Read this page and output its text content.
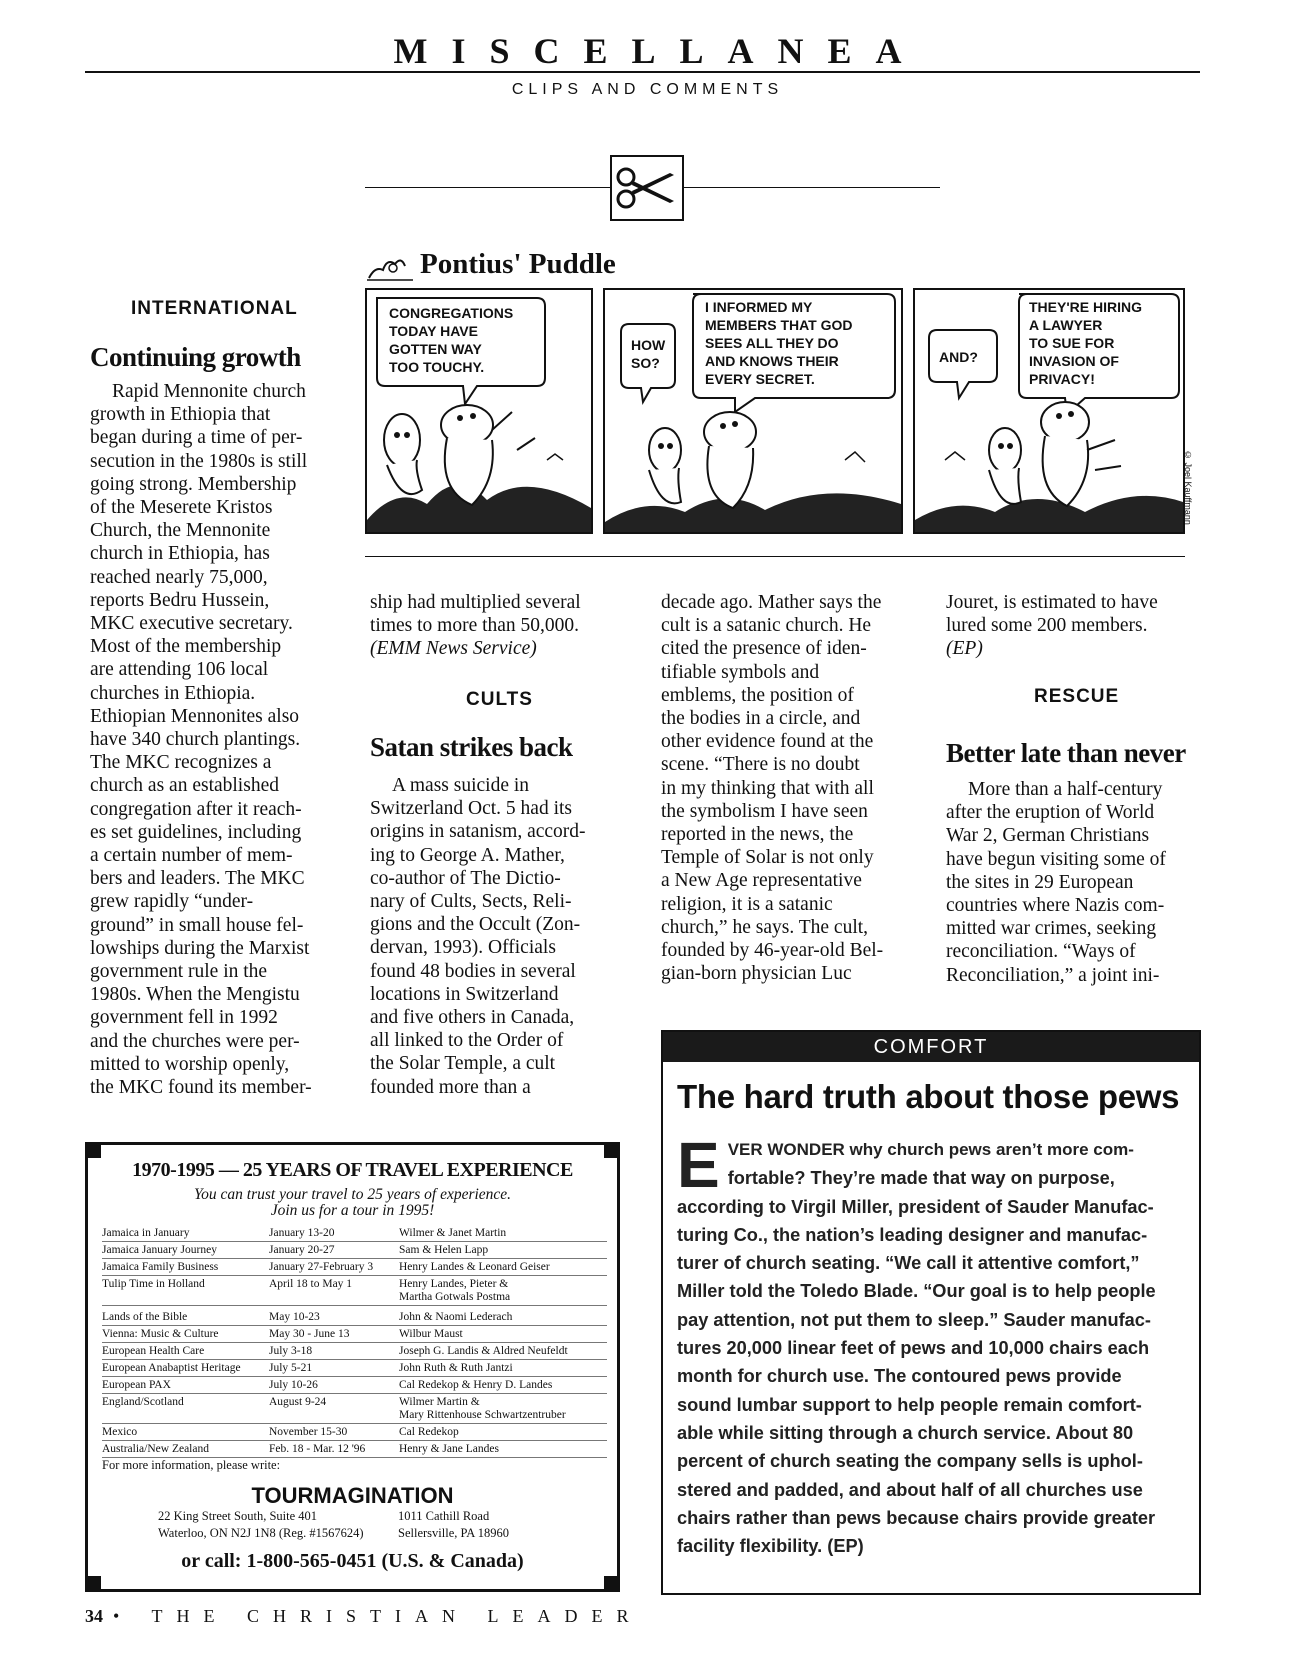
MISCELLANEA
CLIPS AND COMMENTS
Pontius' Puddle
CONGREGATIONS TODAY HAVE GOTTEN WAY TOO TOUCHY.
HOW SO?
I INFORMED MY MEMBERS THAT GOD SEES ALL THEY DO AND KNOWS THEIR EVERY SECRET.
AND?
THEY'RE HIRING A LAWYER TO SUE FOR INVASION OF PRIVACY!
© Joel Kauffmann
INTERNATIONAL
Continuing growth
Rapid Mennonite church
growth in Ethiopia that
began during a time of per-
secution in the 1980s is still
going strong. Membership
of the Meserete Kristos
Church, the Mennonite
church in Ethiopia, has
reached nearly 75,000,
reports Bedru Hussein,
MKC executive secretary.
Most of the membership
are attending 106 local
churches in Ethiopia.
Ethiopian Mennonites also
have 340 church plantings.
The MKC recognizes a
church as an established
congregation after it reach-
es set guidelines, including
a certain number of mem-
bers and leaders. The MKC
grew rapidly “under-
ground” in small house fel-
lowships during the Marxist
government rule in the
1980s. When the Mengistu
government fell in 1992
and the churches were per-
mitted to worship openly,
the MKC found its member-
ship had multiplied several
times to more than 50,000.
(EMM News Service)
CULTS
Satan strikes back
A mass suicide in
Switzerland Oct. 5 had its
origins in satanism, accord-
ing to George A. Mather,
co-author of The Dictio-
nary of Cults, Sects, Reli-
gions and the Occult (Zon-
dervan, 1993). Officials
found 48 bodies in several
locations in Switzerland
and five others in Canada,
all linked to the Order of
the Solar Temple, a cult
founded more than a
decade ago. Mather says the
cult is a satanic church. He
cited the presence of iden-
tifiable symbols and
emblems, the position of
the bodies in a circle, and
other evidence found at the
scene. “There is no doubt
in my thinking that with all
the symbolism I have seen
reported in the news, the
Temple of Solar is not only
a New Age representative
religion, it is a satanic
church,” he says. The cult,
founded by 46-year-old Bel-
gian-born physician Luc
Jouret, is estimated to have
lured some 200 members.
(EP)
RESCUE
Better late than never
More than a half-century
after the eruption of World
War 2, German Christians
have begun visiting some of
the sites in 29 European
countries where Nazis com-
mitted war crimes, seeking
reconciliation. “Ways of
Reconciliation,” a joint ini-
COMFORT
The hard truth about those pews
E VER WONDER why church pews aren’t more com-
fortable? They’re made that way on purpose,
according to Virgil Miller, president of Sauder Manufac-
turing Co., the nation’s leading designer and manufac-
turer of church seating. “We call it attentive comfort,”
Miller told the Toledo Blade. “Our goal is to help people
pay attention, not put them to sleep.” Sauder manufac-
tures 20,000 linear feet of pews and 10,000 chairs each
month for church use. The contoured pews provide
sound lumbar support to help people remain comfort-
able while sitting through a church service. About 80
percent of church seating the company sells is uphol-
stered and padded, and about half of all churches use
chairs rather than pews because chairs provide greater
facility flexibility. (EP)
1970-1995 — 25 YEARS OF TRAVEL EXPERIENCE
You can trust your travel to 25 years of experience.
Join us for a tour in 1995!
Jamaica in January	January 13-20	Wilmer & Janet Martin
Jamaica January Journey	January 20-27	Sam & Helen Lapp
Jamaica Family Business	January 27-February 3	Henry Landes & Leonard Geiser
Tulip Time in Holland	April 18 to May 1	Henry Landes, Pieter &
Martha Gotwals Postma
Lands of the Bible	May 10-23	John & Naomi Lederach
Vienna: Music & Culture	May 30 - June 13	Wilbur Maust
European Health Care	July 3-18	Joseph G. Landis & Aldred Neufeldt
European Anabaptist Heritage	July 5-21	John Ruth & Ruth Jantzi
European PAX	July 10-26	Cal Redekop & Henry D. Landes
England/Scotland	August 9-24	Wilmer Martin &
Mary Rittenhouse Schwartzentruber
Mexico	November 15-30	Cal Redekop
Australia/New Zealand	Feb. 18 - Mar. 12 '96	Henry & Jane Landes
For more information, please write:
TOURMAGINATION
22 King Street South, Suite 401
Waterloo, ON N2J 1N8 (Reg. #1567624)
1011 Cathill Road
Sellersville, PA 18960
or call: 1-800-565-0451 (U.S. & Canada)
34 • THE CHRISTIAN LEADER
